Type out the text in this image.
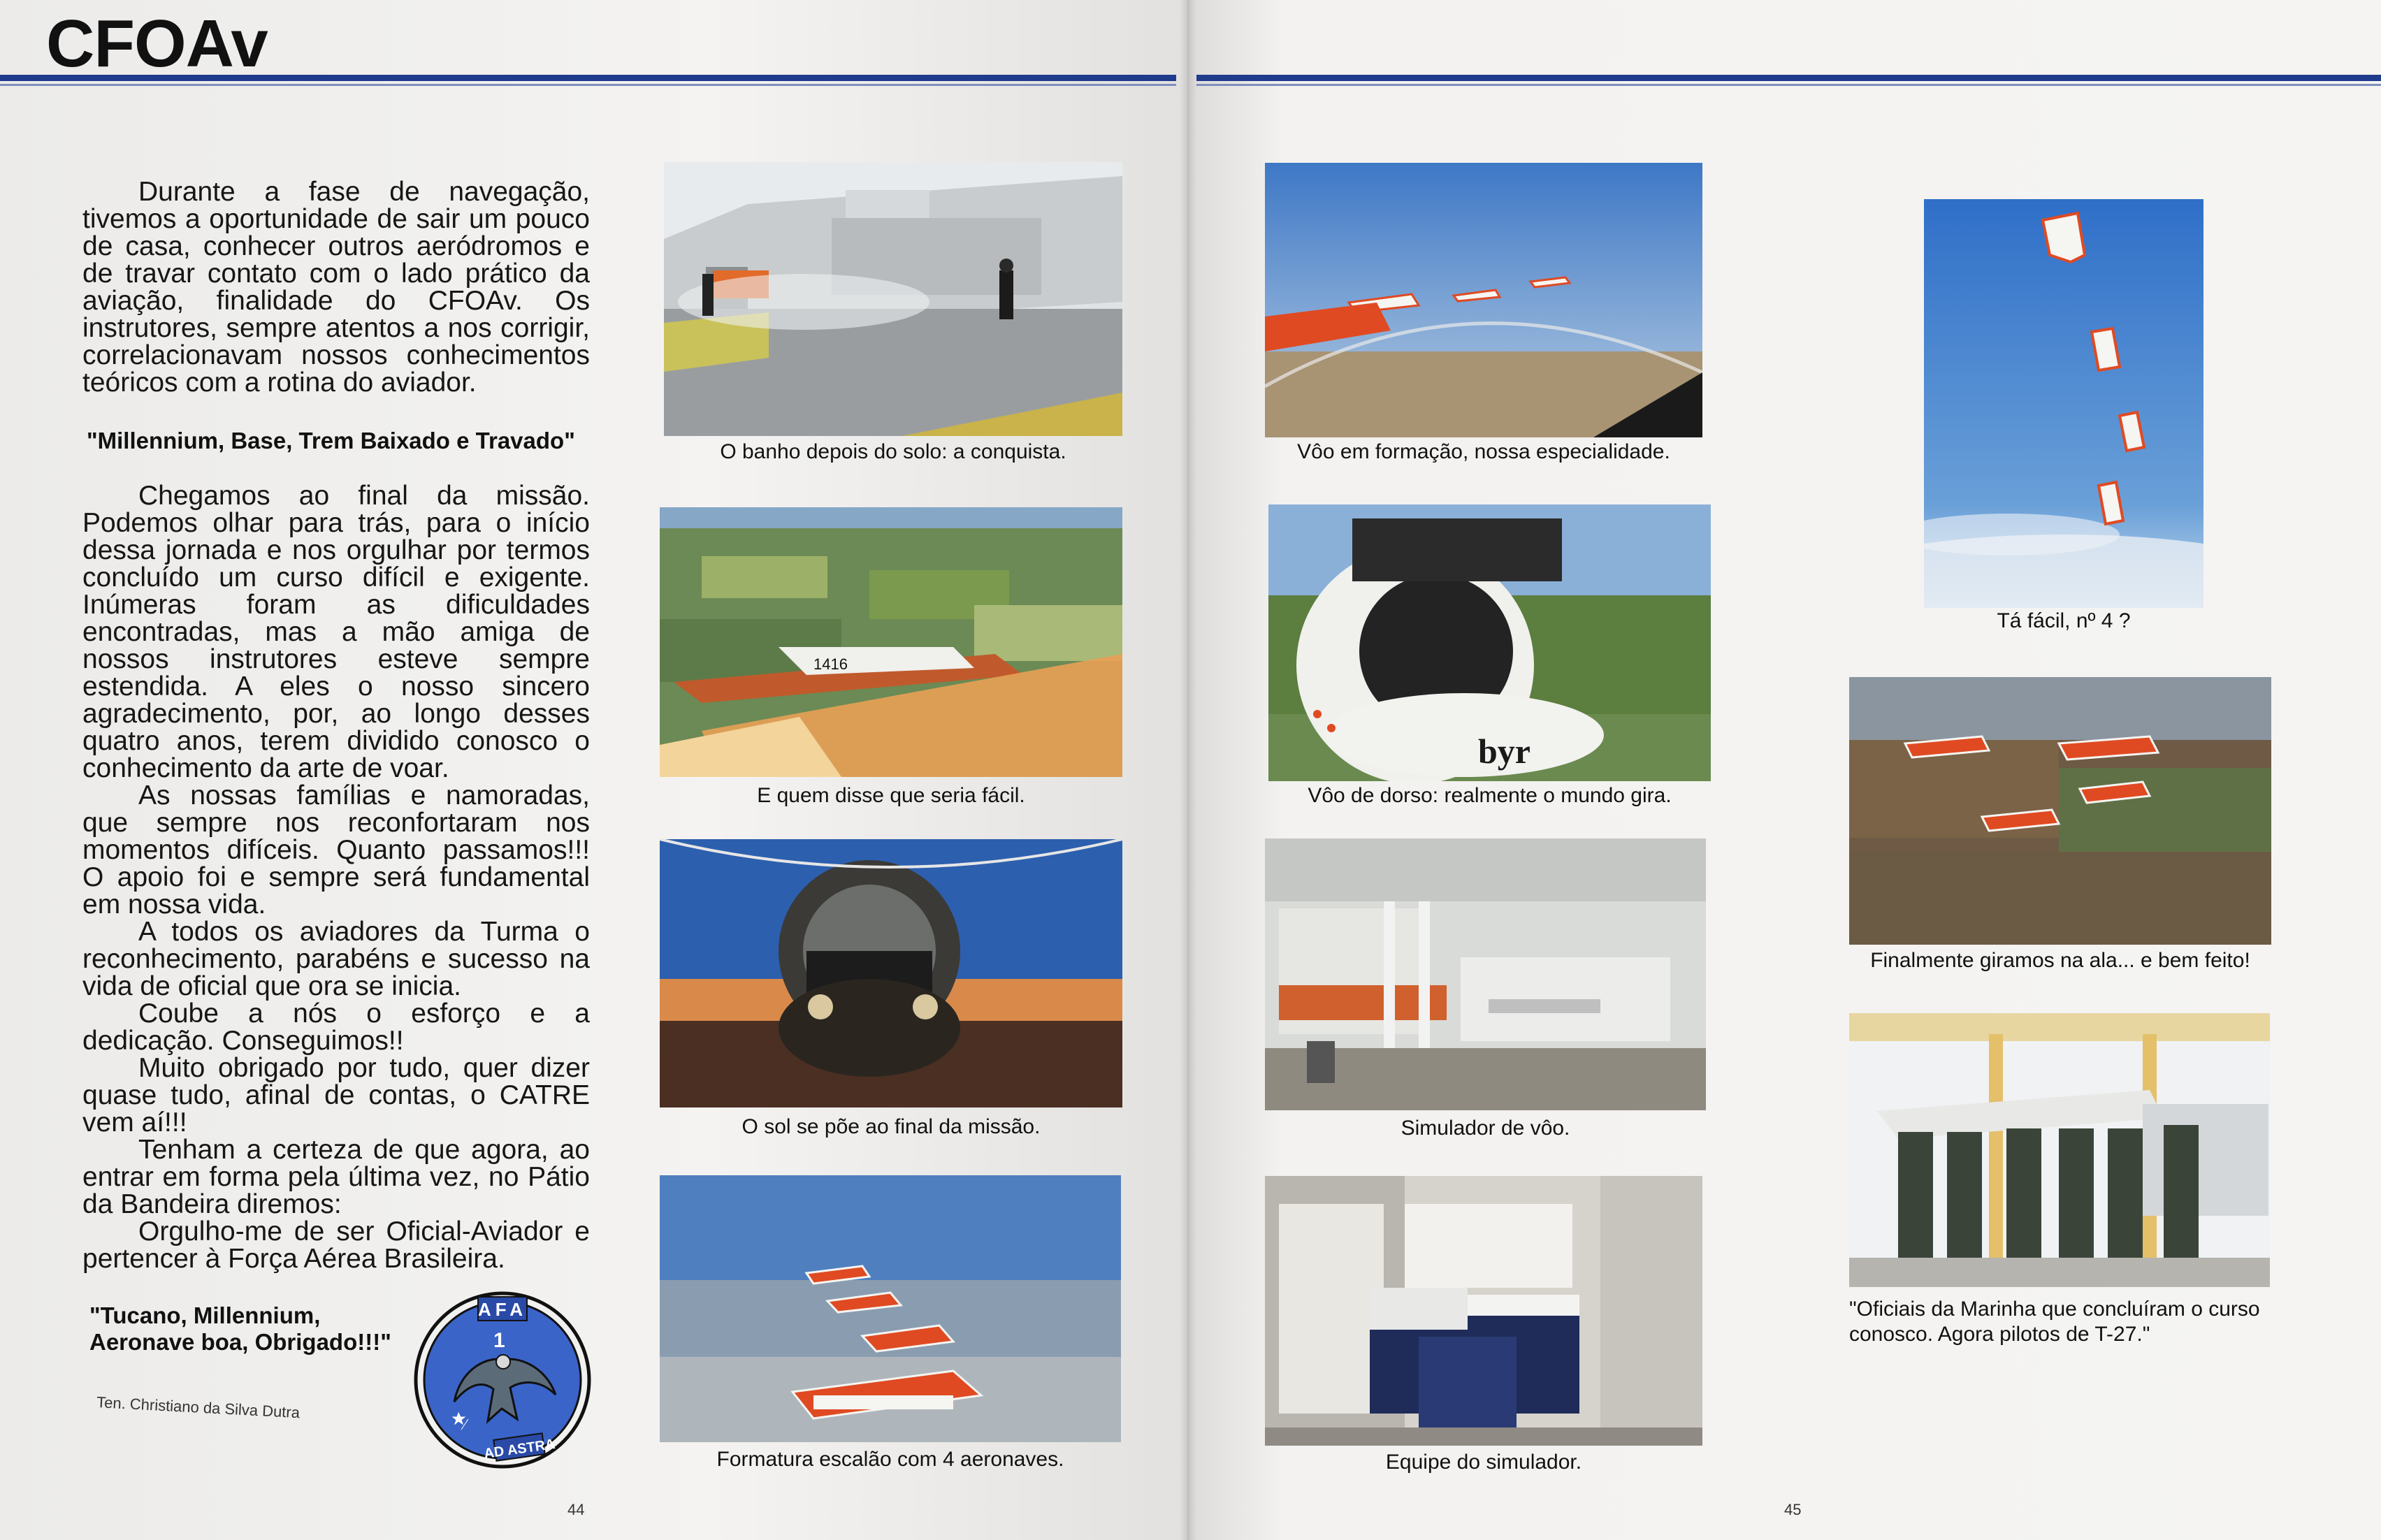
CFOAv

Durante a fase de navegação, tivemos a oportunidade de sair um pouco de casa, conhecer outros aeródromos e de travar contato com o lado prático da aviação, finalidade do CFOAv. Os instrutores, sempre atentos a nos corrigir, correlacionavam nossos conhecimentos teóricos com a rotina do aviador.

"Millennium, Base, Trem Baixado e Travado"

Chegamos ao final da missão. Podemos olhar para trás, para o início dessa jornada e nos orgulhar por termos concluído um curso difícil e exigente. Inúmeras foram as dificuldades encontradas, mas a mão amiga de nossos instrutores esteve sempre estendida. A eles o nosso sincero agradecimento, por, ao longo desses quatro anos, terem dividido conosco o conhecimento da arte de voar.

As nossas famílias e namoradas, que sempre nos reconfortaram nos momentos difíceis. Quanto passamos!!! O apoio foi e sempre será fundamental em nossa vida.

A todos os aviadores da Turma o reconhecimento, parabéns e sucesso na vida de oficial que ora se inicia.

Coube a nós o esforço e a dedicação. Conseguimos!!

Muito obrigado por tudo, quer dizer quase tudo, afinal de contas, o CATRE vem aí!!!

Tenham a certeza de que agora, ao entrar em forma pela última vez, no Pátio da Bandeira diremos:

Orgulho-me de ser Oficial-Aviador e pertencer à Força Aérea Brasileira.

"Tucano, Millennium, Aeronave boa, Obrigado!!!"
Ten. Christiano da Silva Dutra
AFA
1
AD ASTRA
O banho depois do solo: a conquista.
1416
E quem disse que seria fácil.
O sol se põe ao final da missão.
Formatura escalão com 4 aeronaves.
Vôo em formação, nossa especialidade.
byr
Vôo de dorso: realmente o mundo gira.
Simulador de vôo.
Equipe do simulador.
Tá fácil, nº 4 ?
Finalmente giramos na ala... e bem feito!
"Oficiais da Marinha que concluíram o curso conosco. Agora pilotos de T-27."
44	45
